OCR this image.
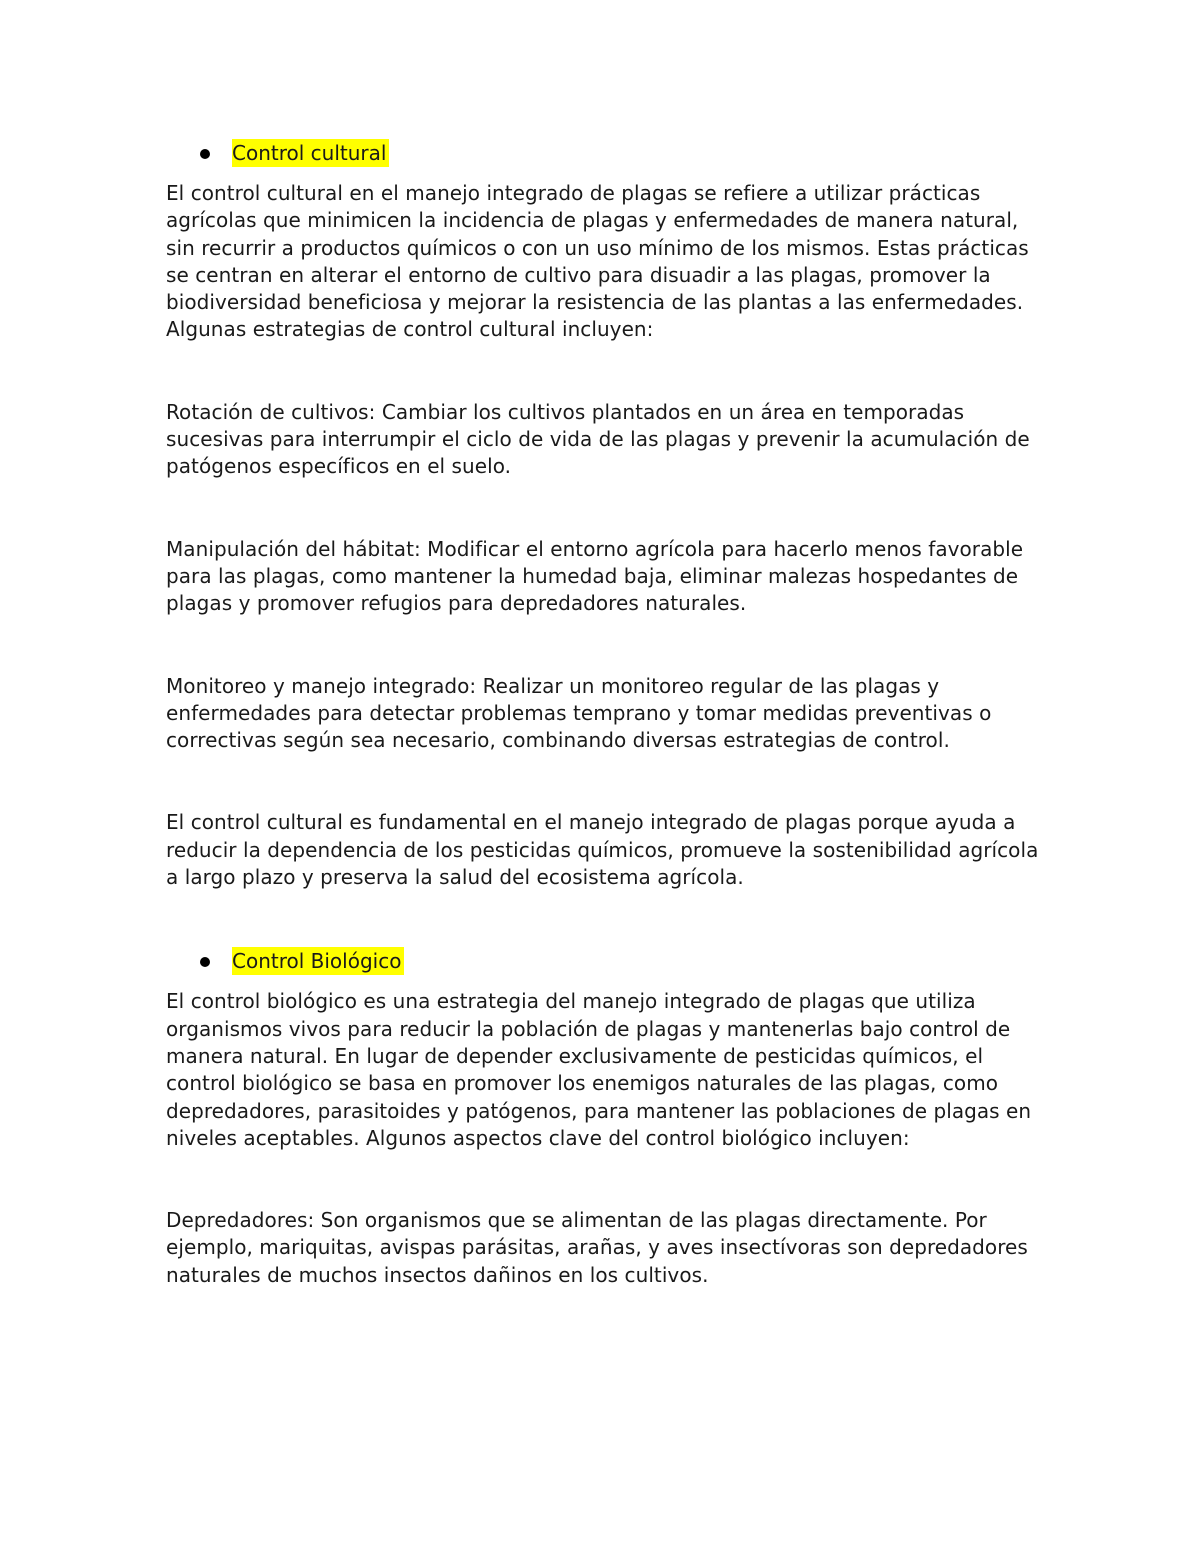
Control cultural

El control cultural en el manejo integrado de plagas se refiere a utilizar prácticas agrícolas que minimicen la incidencia de plagas y enfermedades de manera natural, sin recurrir a productos químicos o con un uso mínimo de los mismos. Estas prácticas se centran en alterar el entorno de cultivo para disuadir a las plagas, promover la biodiversidad beneficiosa y mejorar la resistencia de las plantas a las enfermedades. Algunas estrategias de control cultural incluyen:

Rotación de cultivos: Cambiar los cultivos plantados en un área en temporadas sucesivas para interrumpir el ciclo de vida de las plagas y prevenir la acumulación de patógenos específicos en el suelo.

Manipulación del hábitat: Modificar el entorno agrícola para hacerlo menos favorable para las plagas, como mantener la humedad baja, eliminar malezas hospedantes de plagas y promover refugios para depredadores naturales.

Monitoreo y manejo integrado: Realizar un monitoreo regular de las plagas y enfermedades para detectar problemas temprano y tomar medidas preventivas o correctivas según sea necesario, combinando diversas estrategias de control.

El control cultural es fundamental en el manejo integrado de plagas porque ayuda a reducir la dependencia de los pesticidas químicos, promueve la sostenibilidad agrícola a largo plazo y preserva la salud del ecosistema agrícola.

Control Biológico

El control biológico es una estrategia del manejo integrado de plagas que utiliza organismos vivos para reducir la población de plagas y mantenerlas bajo control de manera natural. En lugar de depender exclusivamente de pesticidas químicos, el control biológico se basa en promover los enemigos naturales de las plagas, como depredadores, parasitoides y patógenos, para mantener las poblaciones de plagas en niveles aceptables. Algunos aspectos clave del control biológico incluyen:

Depredadores: Son organismos que se alimentan de las plagas directamente. Por ejemplo, mariquitas, avispas parásitas, arañas, y aves insectívoras son depredadores naturales de muchos insectos dañinos en los cultivos.
